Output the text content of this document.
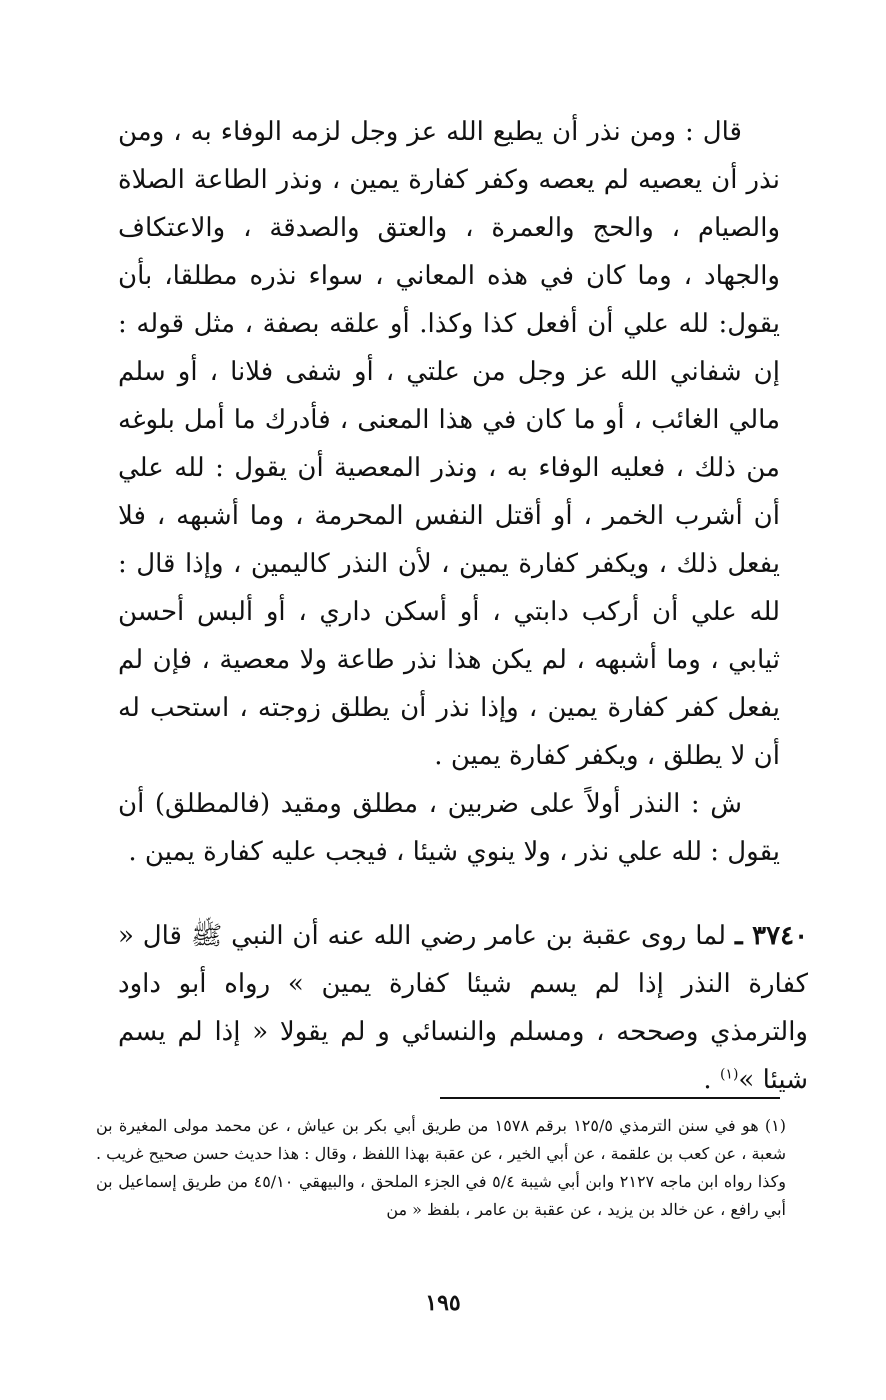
قال : ومن نذر أن يطيع الله عز وجل لزمه الوفاء به ، ومن نذر أن يعصيه لم يعصه وكفر كفارة يمين ، ونذر الطاعة الصلاة والصيام ، والحج والعمرة ، والعتق والصدقة ، والاعتكاف والجهاد ، وما كان في هذه المعاني ، سواء نذره مطلقا، بأن يقول: لله علي أن أفعل كذا وكذا. أو علقه بصفة ، مثل قوله : إن شفاني الله عز وجل من علتي ، أو شفى فلانا ، أو سلم مالي الغائب ، أو ما كان في هذا المعنى ، فأدرك ما أمل بلوغه من ذلك ، فعليه الوفاء به ، ونذر المعصية أن يقول : لله علي أن أشرب الخمر ، أو أقتل النفس المحرمة ، وما أشبهه ، فلا يفعل ذلك ، ويكفر كفارة يمين ، لأن النذر كاليمين ، وإذا قال : لله علي أن أركب دابتي ، أو أسكن داري ، أو ألبس أحسن ثيابي ، وما أشبهه ، لم يكن هذا نذر طاعة ولا معصية ، فإن لم يفعل كفر كفارة يمين ، وإذا نذر أن يطلق زوجته ، استحب له أن لا يطلق ، ويكفر كفارة يمين .

ش : النذر أولاً على ضربين ، مطلق ومقيد (فالمطلق) أن يقول : لله علي نذر ، ولا ينوي شيئا ، فيجب عليه كفارة يمين .

٣٧٤٠ ـ لما روى عقبة بن عامر رضي الله عنه أن النبي ﷺ قال « كفارة النذر إذا لم يسم شيئا كفارة يمين » رواه أبو داود والترمذي وصححه ، ومسلم والنسائي و لم يقولا « إذا لم يسم شيئا »$^{(١)}$ .

(١) هو في سنن الترمذي ١٢٥/٥ برقم ١٥٧٨ من طريق أبي بكر بن عياش ، عن محمد مولى المغيرة بن شعبة ، عن كعب بن علقمة ، عن أبي الخير ، عن عقبة بهذا اللفظ ، وقال : هذا حديث حسن صحيح غريب . وكذا رواه ابن ماجه ٢١٢٧ وابن أبي شيبة ٥/٤ في الجزء الملحق ، والبيهقي ٤٥/١٠ من طريق إسماعيل بن أبي رافع ، عن خالد بن يزيد ، عن عقبة بن عامر ، بلفظ « من

١٩٥
